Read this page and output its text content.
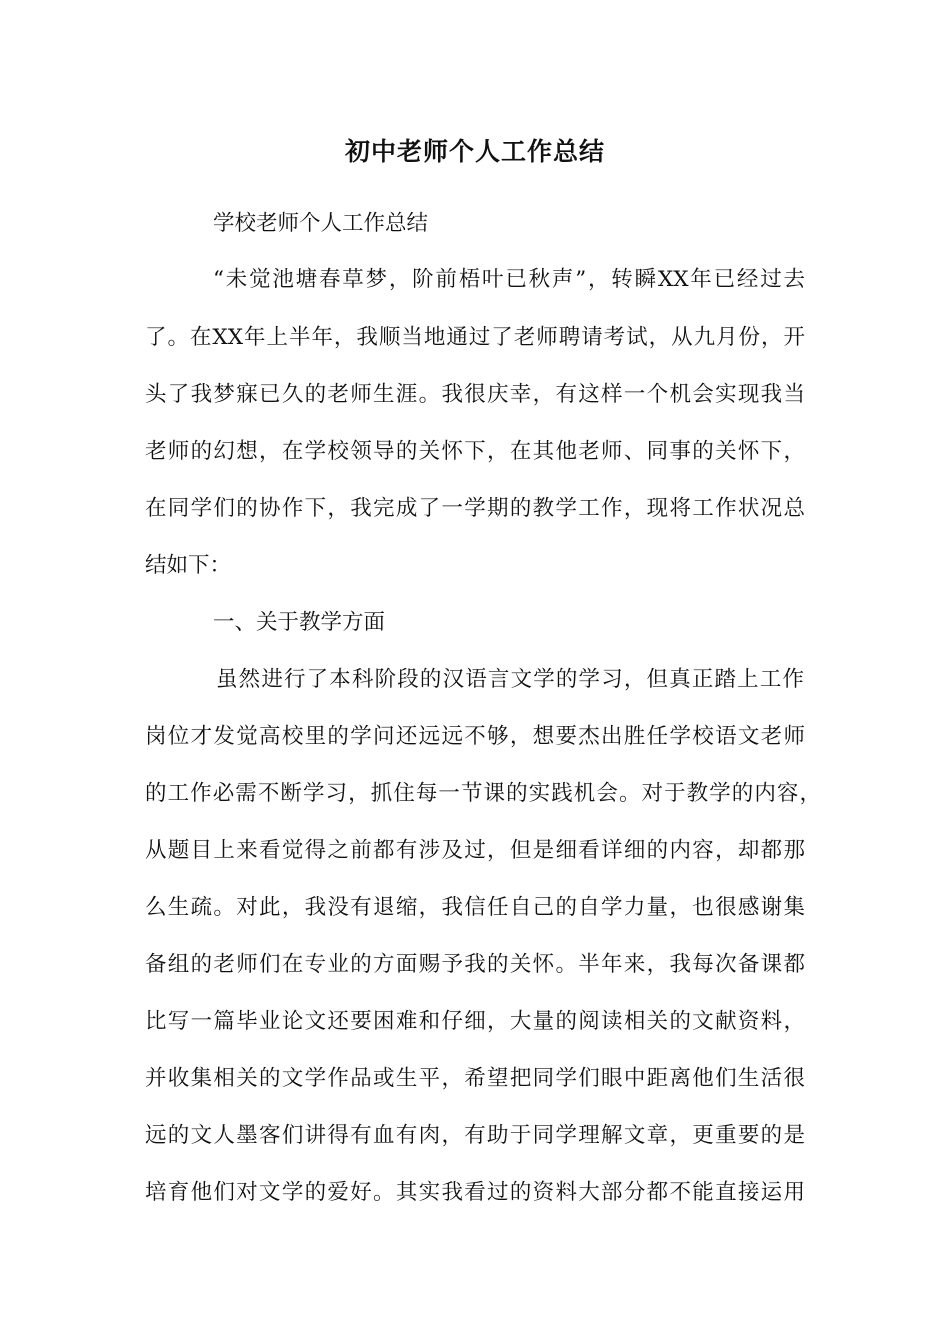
初中老师个人工作总结
学校老师个人工作总结
“未觉池塘春草梦，阶前梧叶已秋声”，转瞬XX年已经过去
了。在XX年上半年，我顺当地通过了老师聘请考试，从九月份，开
头了我梦寐已久的老师生涯。我很庆幸，有这样一个机会实现我当
老师的幻想，在学校领导的关怀下，在其他老师、同事的关怀下，
在同学们的协作下，我完成了一学期的教学工作，现将工作状况总
结如下：
一、关于教学方面
虽然进行了本科阶段的汉语言文学的学习，但真正踏上工作
岗位才发觉高校里的学问还远远不够，想要杰出胜任学校语文老师
的工作必需不断学习，抓住每一节课的实践机会。对于教学的内容，
从题目上来看觉得之前都有涉及过，但是细看详细的内容，却都那
么生疏。对此，我没有退缩，我信任自己的自学力量，也很感谢集
备组的老师们在专业的方面赐予我的关怀。半年来，我每次备课都
比写一篇毕业论文还要困难和仔细，大量的阅读相关的文献资料，
并收集相关的文学作品或生平，希望把同学们眼中距离他们生活很
远的文人墨客们讲得有血有肉，有助于同学理解文章，更重要的是
培育他们对文学的爱好。其实我看过的资料大部分都不能直接运用
